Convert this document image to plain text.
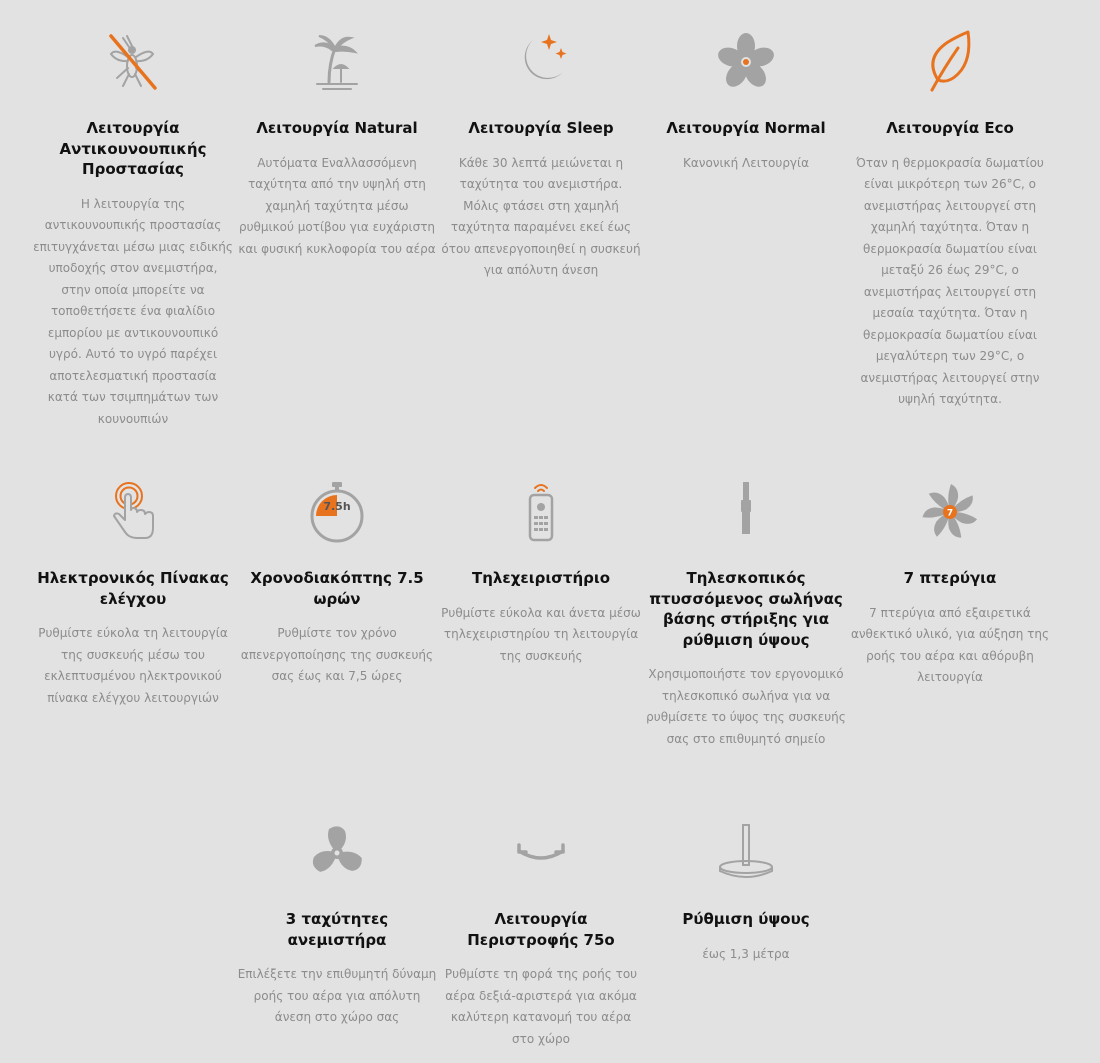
Λειτουργία Αντικουνουπικής Προστασίας
Η λειτουργία της αντικουνουπικής προστασίας επιτυγχάνεται μέσω μιας ειδικής υποδοχής στον ανεμιστήρα, στην οποία μπορείτε να τοποθετήσετε ένα φιαλίδιο εμπορίου με αντικουνουπικό υγρό. Αυτό το υγρό παρέχει αποτελεσματική προστασία κατά των τσιμπημάτων των κουνουπιών
Λειτουργία Natural
Αυτόματα Εναλλασσόμενη ταχύτητα από την υψηλή στη χαμηλή ταχύτητα μέσω ρυθμικού μοτίβου για ευχάριστη και φυσική κυκλοφορία του αέρα
Λειτουργία Sleep
Κάθε 30 λεπτά μειώνεται η ταχύτητα του ανεμιστήρα. Μόλις φτάσει στη χαμηλή ταχύτητα παραμένει εκεί έως ότου απενεργοποιηθεί η συσκευή για απόλυτη άνεση
Λειτουργία Normal
Κανονική Λειτουργία
Λειτουργία Eco
Όταν η θερμοκρασία δωματίου είναι μικρότερη των 26°C, ο ανεμιστήρας λειτουργεί στη χαμηλή ταχύτητα. Όταν η θερμοκρασία δωματίου είναι μεταξύ 26 έως 29°C, ο ανεμιστήρας λειτουργεί στη μεσαία ταχύτητα. Όταν η θερμοκρασία δωματίου είναι μεγαλύτερη των 29°C, ο ανεμιστήρας λειτουργεί στην υψηλή ταχύτητα.
Ηλεκτρονικός Πίνακας ελέγχου
Ρυθμίστε εύκολα τη λειτουργία της συσκευής μέσω του εκλεπτυσμένου ηλεκτρονικού πίνακα ελέγχου λειτουργιών
7.5h
Χρονοδιακόπτης 7.5 ωρών
Ρυθμίστε τον χρόνο απενεργοποίησης της συσκευής σας έως και 7,5 ώρες
Τηλεχειριστήριο
Ρυθμίστε εύκολα και άνετα μέσω τηλεχειριστηρίου τη λειτουργία της συσκευής
Τηλεσκοπικός πτυσσόμενος σωλήνας βάσης στήριξης για ρύθμιση ύψους
Χρησιμοποιήστε τον εργονομικό τηλεσκοπικό σωλήνα για να ρυθμίσετε το ύψος της συσκευής σας στο επιθυμητό σημείο
7
7 πτερύγια
7 πτερύγια από εξαιρετικά ανθεκτικό υλικό, για αύξηση της ροής του αέρα και αθόρυβη λειτουργία
3 ταχύτητες ανεμιστήρα
Επιλέξετε την επιθυμητή δύναμη ροής του αέρα για απόλυτη άνεση στο χώρο σας
Λειτουργία Περιστροφής 75ο
Ρυθμίστε τη φορά της ροής του αέρα δεξιά-αριστερά για ακόμα καλύτερη κατανομή του αέρα στο χώρο
Ρύθμιση ύψους
έως 1,3 μέτρα
